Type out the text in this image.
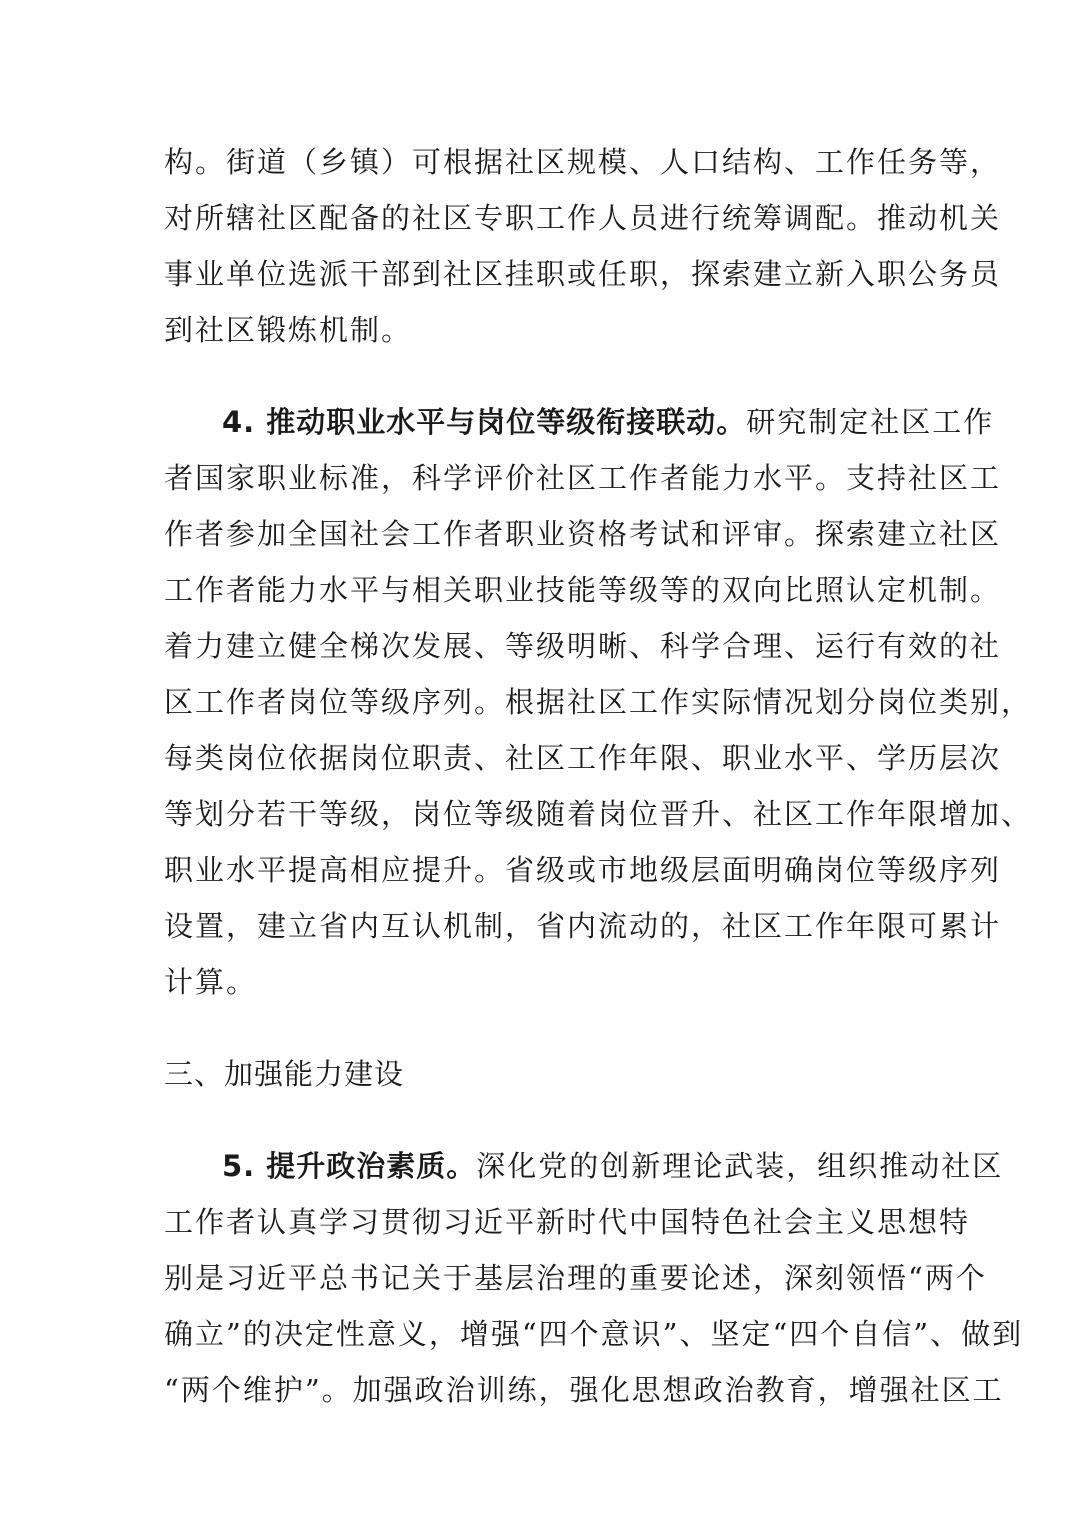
构。街道（乡镇）可根据社区规模、人口结构、工作任务等，
对所辖社区配备的社区专职工作人员进行统筹调配。推动机关
事业单位选派干部到社区挂职或任职，探索建立新入职公务员
到社区锻炼机制。
4. 推动职业水平与岗位等级衔接联动。研究制定社区工作
者国家职业标准，科学评价社区工作者能力水平。支持社区工
作者参加全国社会工作者职业资格考试和评审。探索建立社区
工作者能力水平与相关职业技能等级等的双向比照认定机制。
着力建立健全梯次发展、等级明晰、科学合理、运行有效的社
区工作者岗位等级序列。根据社区工作实际情况划分岗位类别，
每类岗位依据岗位职责、社区工作年限、职业水平、学历层次
等划分若干等级，岗位等级随着岗位晋升、社区工作年限增加、
职业水平提高相应提升。省级或市地级层面明确岗位等级序列
设置，建立省内互认机制，省内流动的，社区工作年限可累计
计算。
三、加强能力建设
5. 提升政治素质。深化党的创新理论武装，组织推动社区
工作者认真学习贯彻习近平新时代中国特色社会主义思想特
别是习近平总书记关于基层治理的重要论述，深刻领悟“两个
确立”的决定性意义，增强“四个意识”、坚定“四个自信”、做到
“两个维护”。加强政治训练，强化思想政治教育，增强社区工
